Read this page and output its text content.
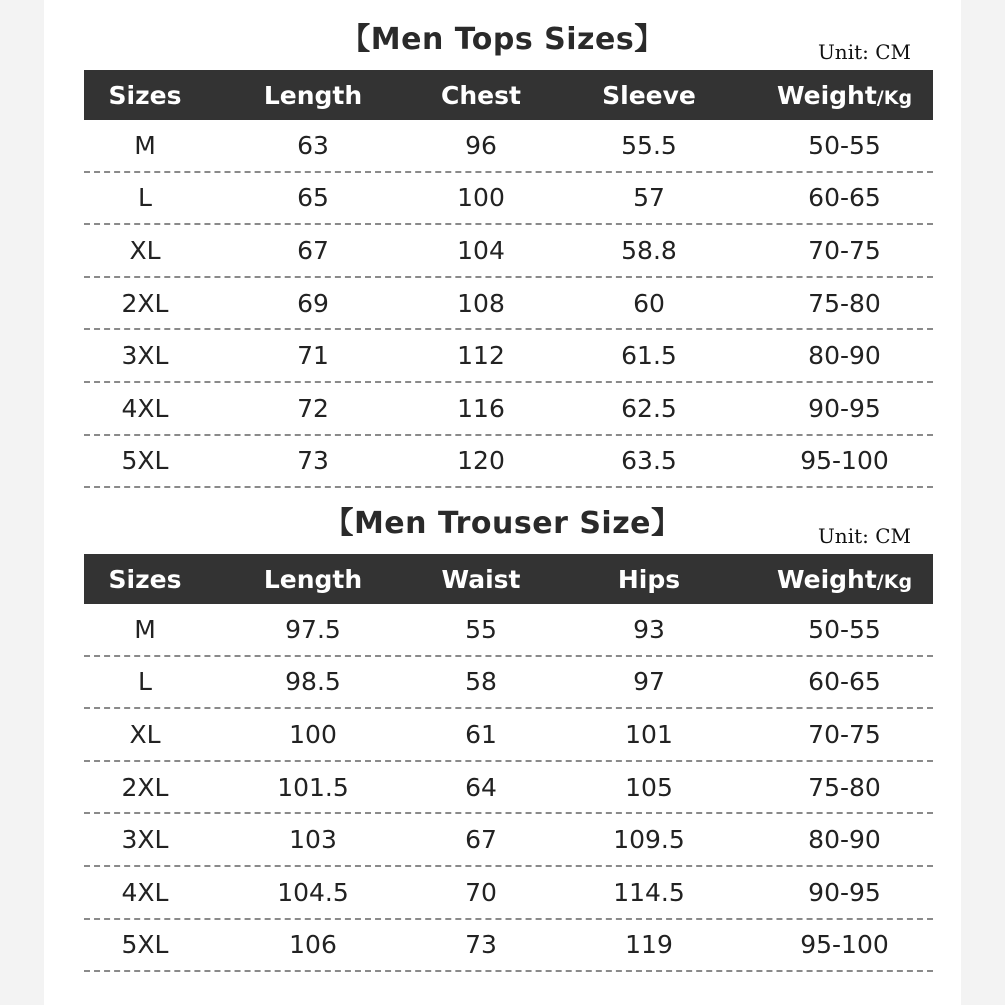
【Men Tops Sizes】	Unit: CM
Sizes	Length	Chest	Sleeve	Weight/Kg
M	63	96	55.5	50-55
L	65	100	57	60-65
XL	67	104	58.8	70-75
2XL	69	108	60	75-80
3XL	71	112	61.5	80-90
4XL	72	116	62.5	90-95
5XL	73	120	63.5	95-100
【Men Trouser Size】	Unit: CM
Sizes	Length	Waist	Hips	Weight/Kg
M	97.5	55	93	50-55
L	98.5	58	97	60-65
XL	100	61	101	70-75
2XL	101.5	64	105	75-80
3XL	103	67	109.5	80-90
4XL	104.5	70	114.5	90-95
5XL	106	73	119	95-100
